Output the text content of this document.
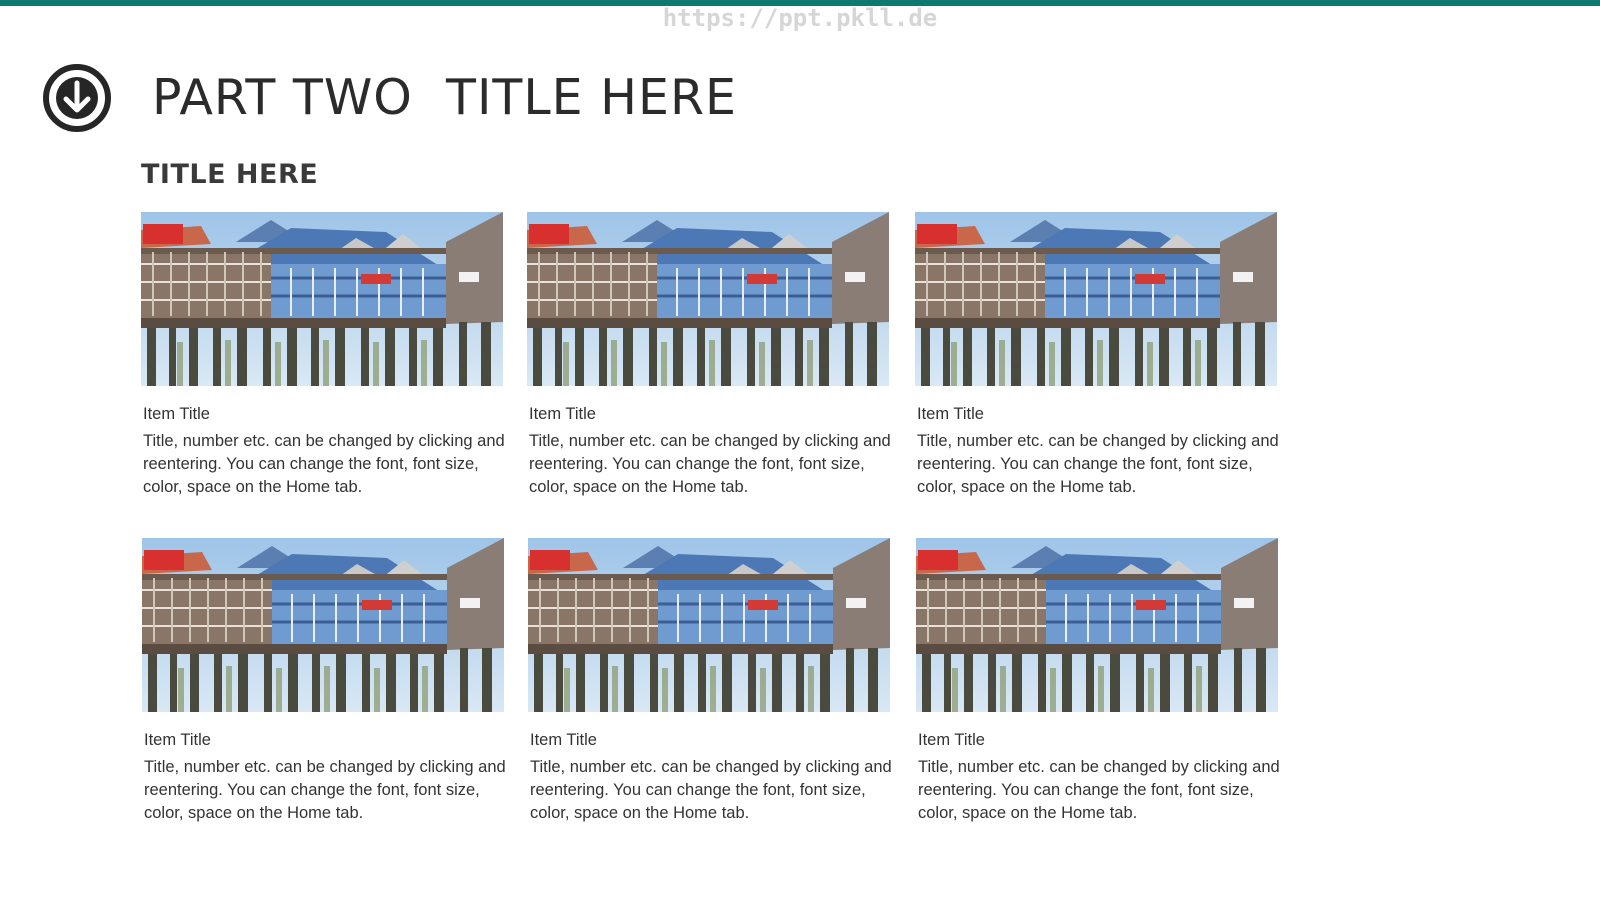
https://ppt.pkll.de
PART TWO  TITLE HERE
TITLE HERE
Item Title
Title, number etc. can be changed by clicking and reentering. You can change the font, font size, color, space on the Home tab.
Item Title
Title, number etc. can be changed by clicking and reentering. You can change the font, font size, color, space on the Home tab.
Item Title
Title, number etc. can be changed by clicking and reentering. You can change the font, font size, color, space on the Home tab.
Item Title
Title, number etc. can be changed by clicking and reentering. You can change the font, font size, color, space on the Home tab.
Item Title
Title, number etc. can be changed by clicking and reentering. You can change the font, font size, color, space on the Home tab.
Item Title
Title, number etc. can be changed by clicking and reentering. You can change the font, font size, color, space on the Home tab.
